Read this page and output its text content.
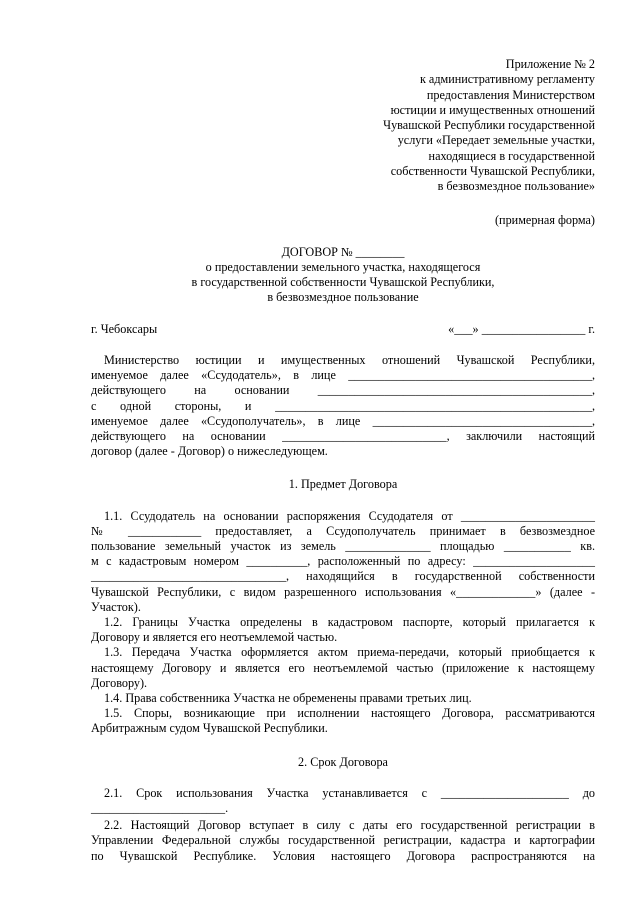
Приложение № 2
к административному регламенту
предоставления Министерством
юстиции и имущественных отношений
Чувашской Республики государственной
услуги «Передает земельные участки,
находящиеся в государственной
собственности Чувашской Республики,
в безвозмездное пользование»
(примерная форма)
ДОГОВОР № ________
о предоставлении земельного участка, находящегося
в государственной собственности Чувашской Республики,
в безвозмездное пользование
г. Чебоксары	«___» _________________ г.

Министерство юстиции и имущественных отношений Чувашской Республики,

именуемое далее «Ссудодатель», в лице ________________________________________,

действующего на основании _____________________________________________,

с одной стороны, и ____________________________________________________,

именуемое далее «Ссудополучатель», в лице ____________________________________,

действующего на основании ___________________________, заключили настоящий

договор (далее - Договор) о нижеследующем.

1. Предмет Договора

1.1. Ссудодатель на основании распоряжения Ссудодателя от ______________________

№ ____________ предоставляет, а Ссудополучатель принимает в безвозмездное

пользование земельный участок из земель ______________ площадью ___________ кв.

м с кадастровым номером __________, расположенный по адресу: ____________________

________________________________, находящийся в государственной собственности

Чувашской Республики, с видом разрешенного использования «_____________» (далее -

Участок).

1.2. Границы Участка определены в кадастровом паспорте, который прилагается к

Договору и является его неотъемлемой частью.

1.3. Передача Участка оформляется актом приема-передачи, который приобщается к

настоящему Договору и является его неотъемлемой частью (приложение к настоящему

Договору).

1.4. Права собственника Участка не обременены правами третьих лиц.

1.5. Споры, возникающие при исполнении настоящего Договора, рассматриваются

Арбитражным судом Чувашской Республики.

2. Срок Договора

2.1. Срок использования Участка устанавливается с _____________________ до

______________________.

2.2. Настоящий Договор вступает в силу с даты его государственной регистрации в

Управлении Федеральной службы государственной регистрации, кадастра и картографии

по Чувашской Республике. Условия настоящего Договора распространяются на
